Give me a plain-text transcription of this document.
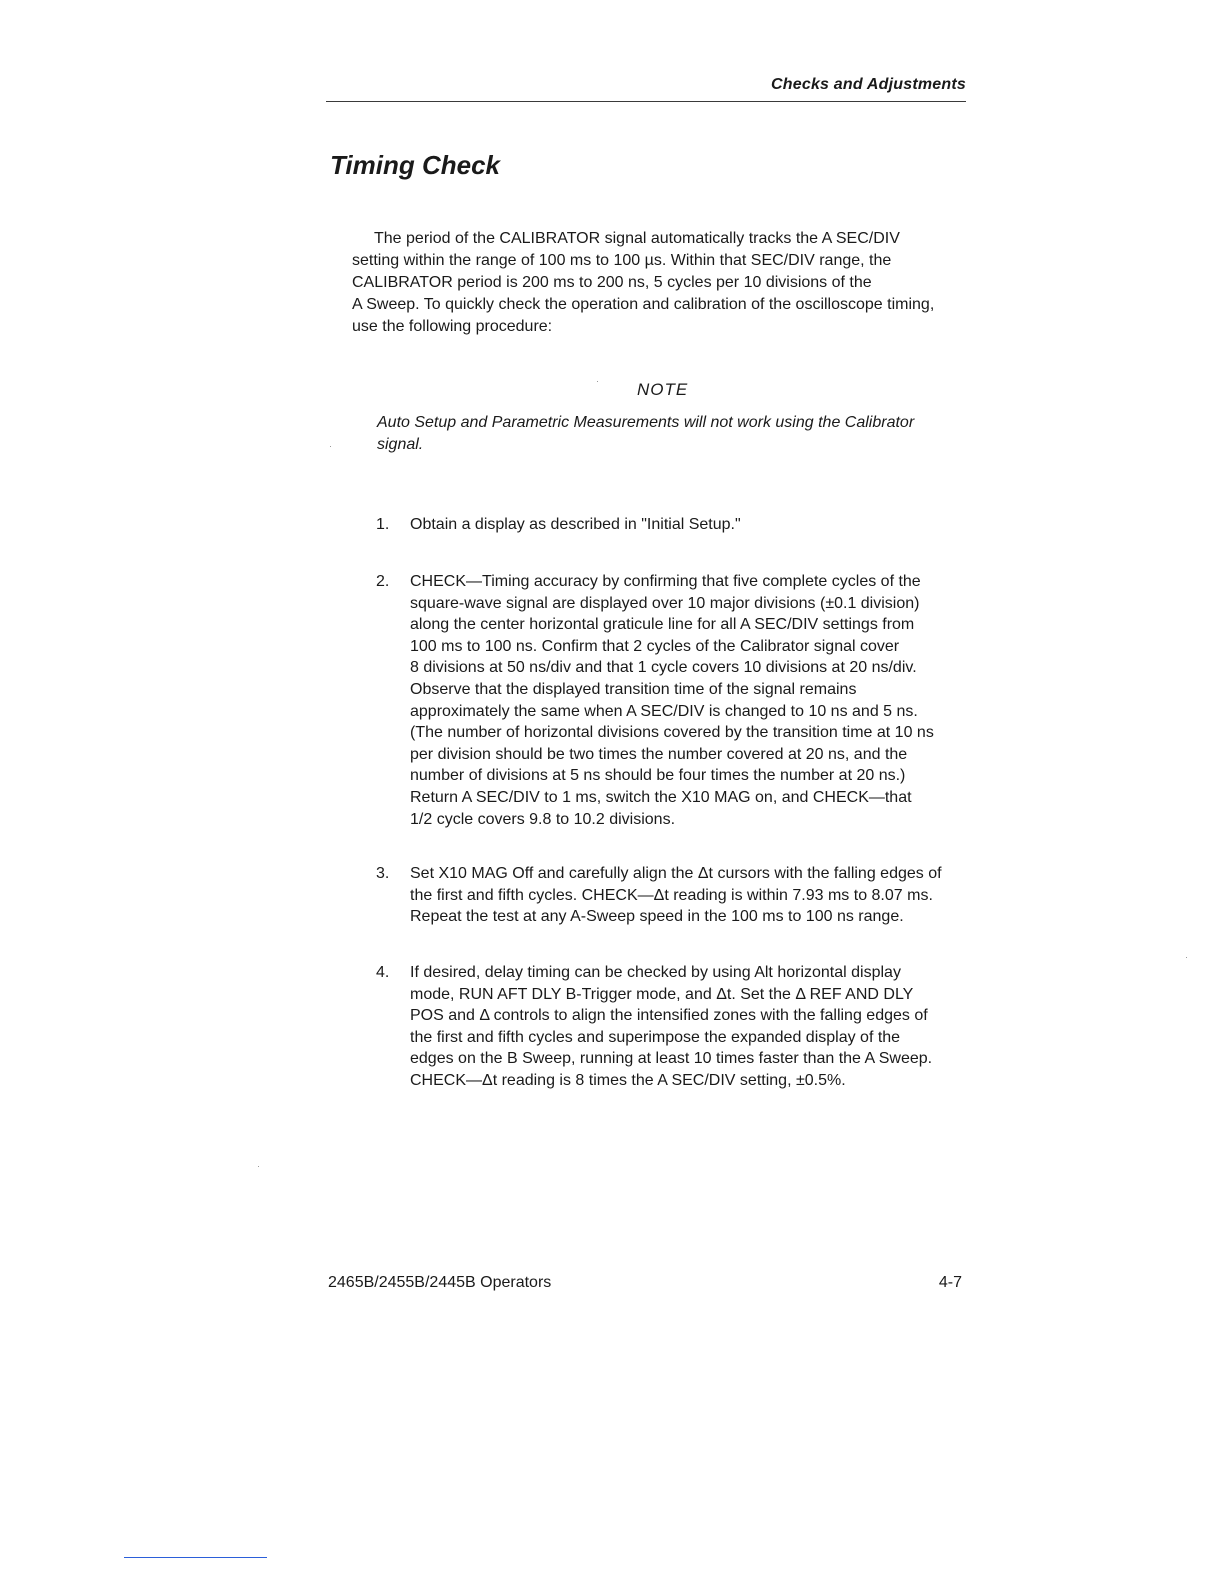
Checks and Adjustments
Timing Check
The period of the CALIBRATOR signal automatically tracks the A SEC/DIV
setting within the range of 100 ms to 100 µs. Within that SEC/DIV range, the
CALIBRATOR period is 200 ms to 200 ns, 5 cycles per 10 divisions of the
A Sweep. To quickly check the operation and calibration of the oscilloscope timing,
use the following procedure:
NOTE
Auto Setup and Parametric Measurements will not work using the Calibrator
signal.
1. Obtain a display as described in "Initial Setup."
2. CHECK—Timing accuracy by confirming that five complete cycles of the
square-wave signal are displayed over 10 major divisions (±0.1 division)
along the center horizontal graticule line for all A SEC/DIV settings from
100 ms to 100 ns. Confirm that 2 cycles of the Calibrator signal cover
8 divisions at 50 ns/div and that 1 cycle covers 10 divisions at 20 ns/div.
Observe that the displayed transition time of the signal remains
approximately the same when A SEC/DIV is changed to 10 ns and 5 ns.
(The number of horizontal divisions covered by the transition time at 10 ns
per division should be two times the number covered at 20 ns, and the
number of divisions at 5 ns should be four times the number at 20 ns.)
Return A SEC/DIV to 1 ms, switch the X10 MAG on, and CHECK—that
1/2 cycle covers 9.8 to 10.2 divisions.
3. Set X10 MAG Off and carefully align the Δt cursors with the falling edges of
the first and fifth cycles. CHECK—Δt reading is within 7.93 ms to 8.07 ms.
Repeat the test at any A-Sweep speed in the 100 ms to 100 ns range.
4. If desired, delay timing can be checked by using Alt horizontal display
mode, RUN AFT DLY B-Trigger mode, and Δt. Set the Δ REF AND DLY
POS and Δ controls to align the intensified zones with the falling edges of
the first and fifth cycles and superimpose the expanded display of the
edges on the B Sweep, running at least 10 times faster than the A Sweep.
CHECK—Δt reading is 8 times the A SEC/DIV setting, ±0.5%.
2465B/2455B/2445B Operators	4-7
